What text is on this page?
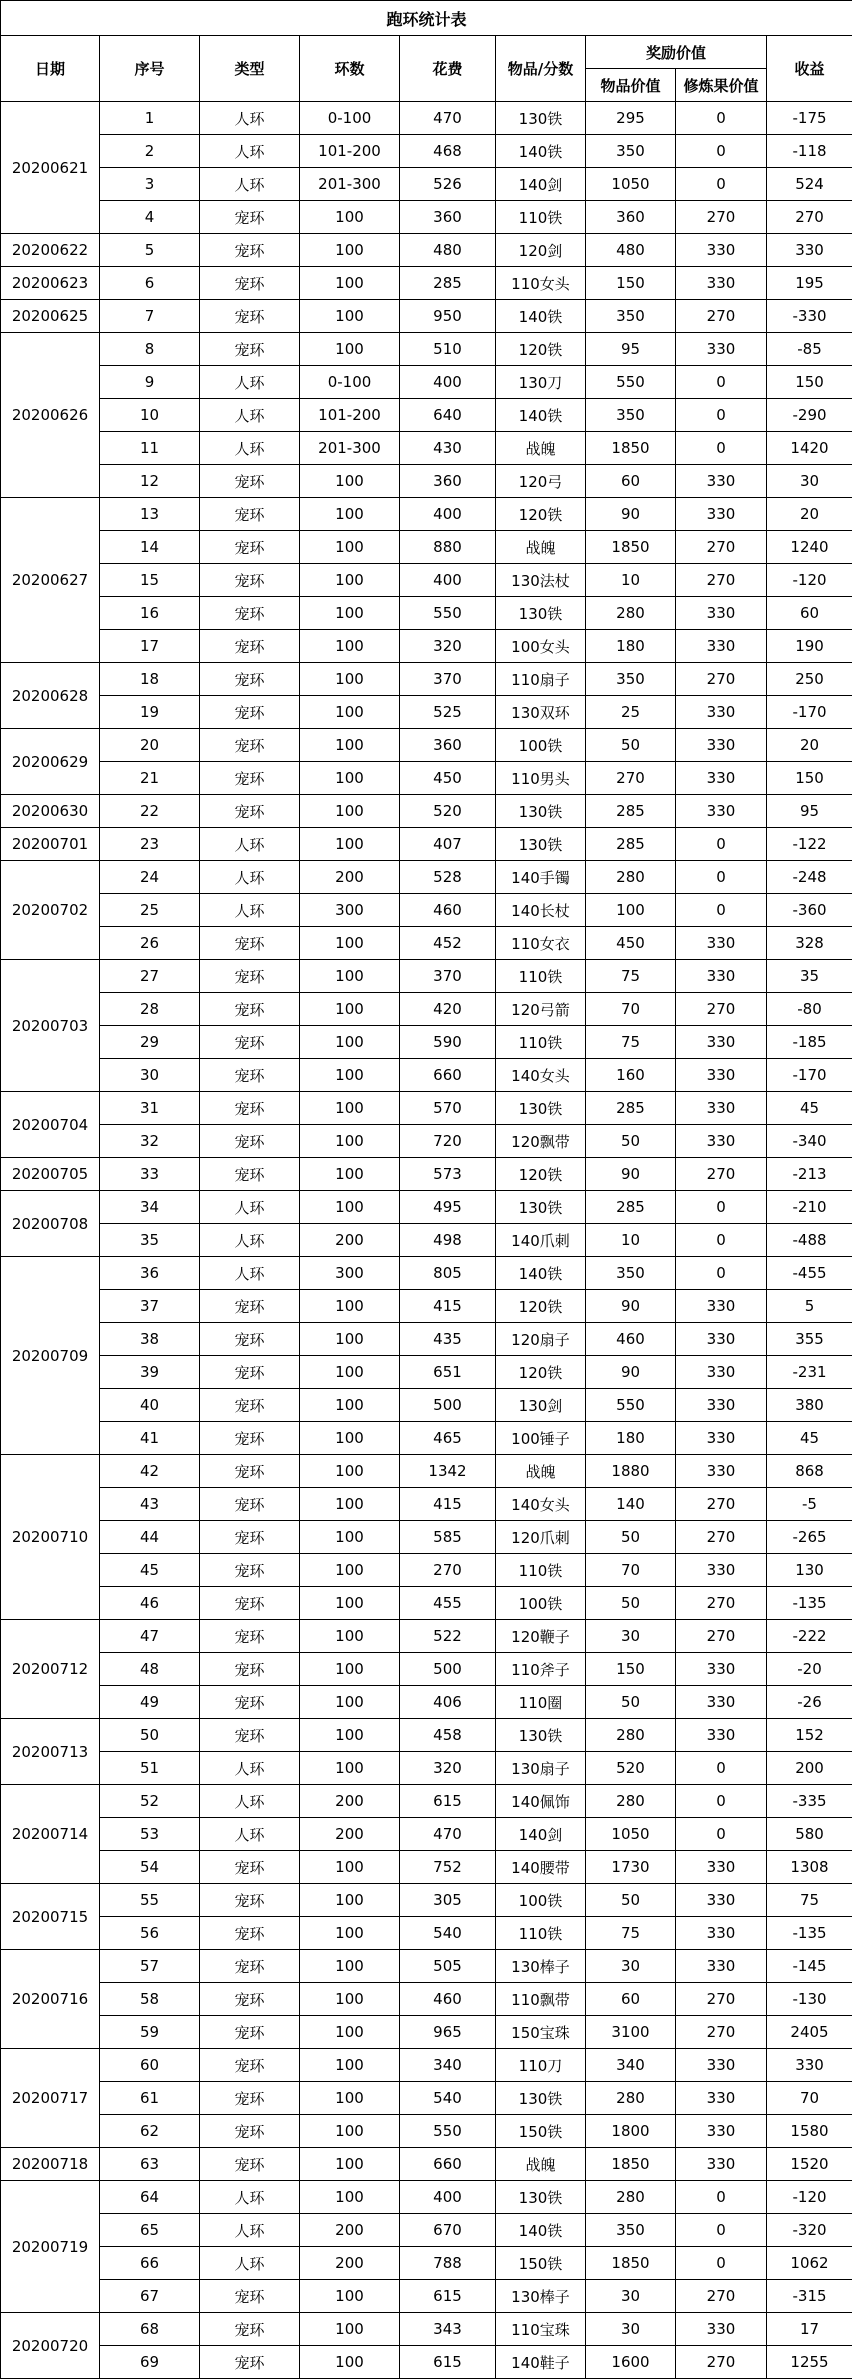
跑环统计表								
日期	序号	类型	环数	花费	物品/分数	奖励价值		收益
						物品价值	修炼果价值	
20200621	1	人环	0-100	470	130铁	295	0	-175
	2	人环	101-200	468	140铁	350	0	-118
	3	人环	201-300	526	140剑	1050	0	524
	4	宠环	100	360	110铁	360	270	270
20200622	5	宠环	100	480	120剑	480	330	330
20200623	6	宠环	100	285	110女头	150	330	195
20200625	7	宠环	100	950	140铁	350	270	-330
20200626	8	宠环	100	510	120铁	95	330	-85
	9	人环	0-100	400	130刀	550	0	150
	10	人环	101-200	640	140铁	350	0	-290
	11	人环	201-300	430	战魄	1850	0	1420
	12	宠环	100	360	120弓	60	330	30
20200627	13	宠环	100	400	120铁	90	330	20
	14	宠环	100	880	战魄	1850	270	1240
	15	宠环	100	400	130法杖	10	270	-120
	16	宠环	100	550	130铁	280	330	60
	17	宠环	100	320	100女头	180	330	190
20200628	18	宠环	100	370	110扇子	350	270	250
	19	宠环	100	525	130双环	25	330	-170
20200629	20	宠环	100	360	100铁	50	330	20
	21	宠环	100	450	110男头	270	330	150
20200630	22	宠环	100	520	130铁	285	330	95
20200701	23	人环	100	407	130铁	285	0	-122
20200702	24	人环	200	528	140手镯	280	0	-248
	25	人环	300	460	140长杖	100	0	-360
	26	宠环	100	452	110女衣	450	330	328
20200703	27	宠环	100	370	110铁	75	330	35
	28	宠环	100	420	120弓箭	70	270	-80
	29	宠环	100	590	110铁	75	330	-185
	30	宠环	100	660	140女头	160	330	-170
20200704	31	宠环	100	570	130铁	285	330	45
	32	宠环	100	720	120飘带	50	330	-340
20200705	33	宠环	100	573	120铁	90	270	-213
20200708	34	人环	100	495	130铁	285	0	-210
	35	人环	200	498	140爪刺	10	0	-488
20200709	36	人环	300	805	140铁	350	0	-455
	37	宠环	100	415	120铁	90	330	5
	38	宠环	100	435	120扇子	460	330	355
	39	宠环	100	651	120铁	90	330	-231
	40	宠环	100	500	130剑	550	330	380
	41	宠环	100	465	100锤子	180	330	45
20200710	42	宠环	100	1342	战魄	1880	330	868
	43	宠环	100	415	140女头	140	270	-5
	44	宠环	100	585	120爪刺	50	270	-265
	45	宠环	100	270	110铁	70	330	130
	46	宠环	100	455	100铁	50	270	-135
20200712	47	宠环	100	522	120鞭子	30	270	-222
	48	宠环	100	500	110斧子	150	330	-20
	49	宠环	100	406	110圈	50	330	-26
20200713	50	宠环	100	458	130铁	280	330	152
	51	人环	100	320	130扇子	520	0	200
20200714	52	人环	200	615	140佩饰	280	0	-335
	53	人环	200	470	140剑	1050	0	580
	54	宠环	100	752	140腰带	1730	330	1308
20200715	55	宠环	100	305	100铁	50	330	75
	56	宠环	100	540	110铁	75	330	-135
20200716	57	宠环	100	505	130棒子	30	330	-145
	58	宠环	100	460	110飘带	60	270	-130
	59	宠环	100	965	150宝珠	3100	270	2405
20200717	60	宠环	100	340	110刀	340	330	330
	61	宠环	100	540	130铁	280	330	70
	62	宠环	100	550	150铁	1800	330	1580
20200718	63	宠环	100	660	战魄	1850	330	1520
20200719	64	人环	100	400	130铁	280	0	-120
	65	人环	200	670	140铁	350	0	-320
	66	人环	200	788	150铁	1850	0	1062
	67	宠环	100	615	130棒子	30	270	-315
20200720	68	宠环	100	343	110宝珠	30	330	17
	69	宠环	100	615	140鞋子	1600	270	1255
